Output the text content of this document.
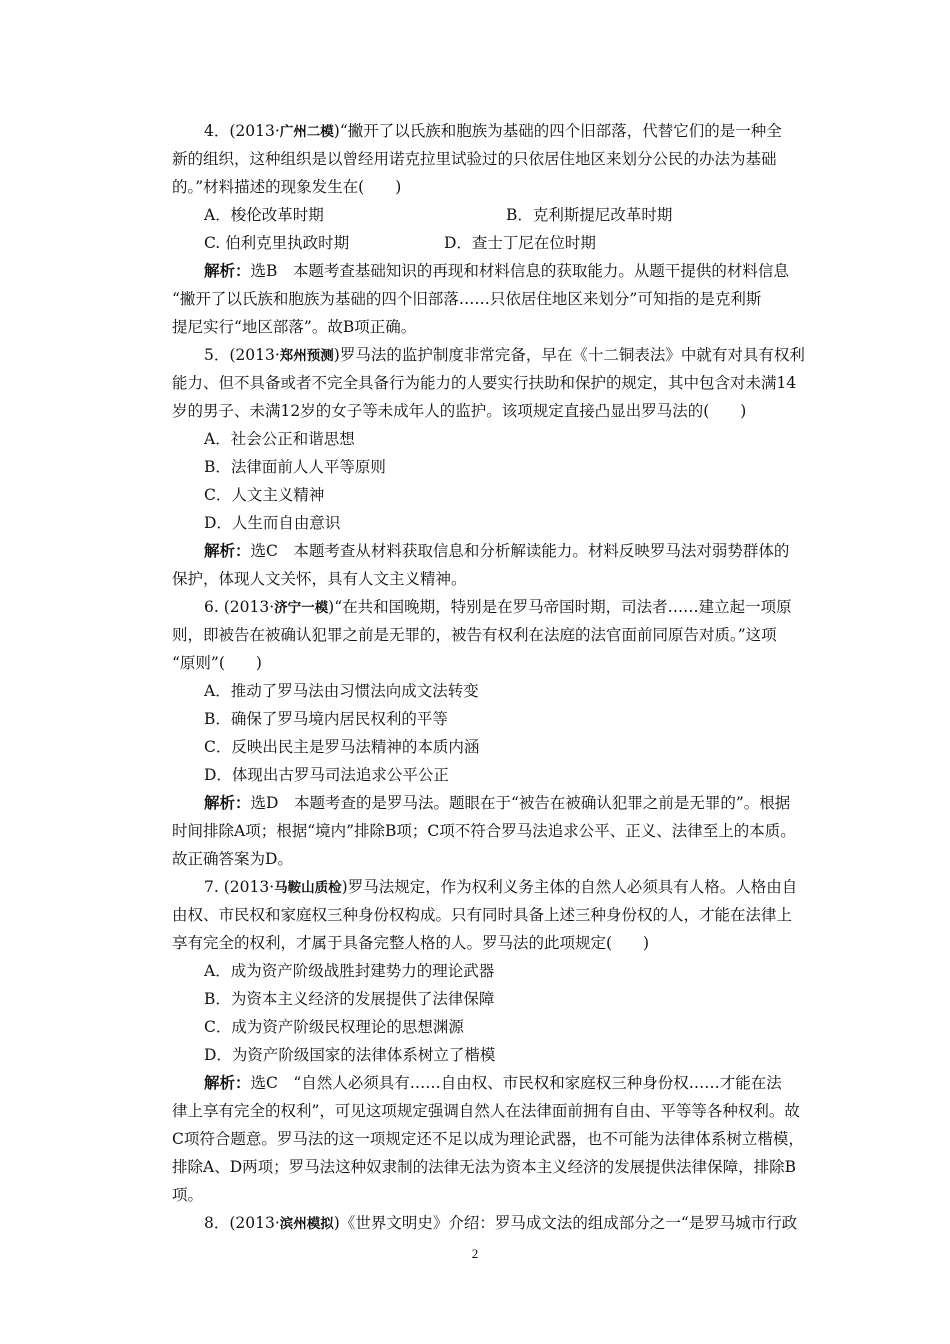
4．(2013·广州二模)“撇开了以氏族和胞族为基础的四个旧部落，代替它们的是一种全
新的组织，这种组织是以曾经用诺克拉里试验过的只依居住地区来划分公民的办法为基础
的。”材料描述的现象发生在(　　)
A．梭伦改革时期	B．克利斯提尼改革时期
C. 伯利克里执政时期	D．查士丁尼在位时期
解析：选B　本题考查基础知识的再现和材料信息的获取能力。从题干提供的材料信息
“撇开了以氏族和胞族为基础的四个旧部落……只依居住地区来划分”可知指的是克利斯
提尼实行“地区部落”。故B项正确。
5．(2013·郑州预测)罗马法的监护制度非常完备，早在《十二铜表法》中就有对具有权利
能力、但不具备或者不完全具备行为能力的人要实行扶助和保护的规定，其中包含对未满14
岁的男子、未满12岁的女子等未成年人的监护。该项规定直接凸显出罗马法的(　　)
A．社会公正和谐思想
B．法律面前人人平等原则
C．人文主义精神
D．人生而自由意识
解析：选C　本题考查从材料获取信息和分析解读能力。材料反映罗马法对弱势群体的
保护，体现人文关怀，具有人文主义精神。
6. (2013·济宁一模)“在共和国晚期，特别是在罗马帝国时期，司法者……建立起一项原
则，即被告在被确认犯罪之前是无罪的，被告有权利在法庭的法官面前同原告对质。”这项
“原则”(　　)
A．推动了罗马法由习惯法向成文法转变
B．确保了罗马境内居民权利的平等
C．反映出民主是罗马法精神的本质内涵
D．体现出古罗马司法追求公平公正
解析：选D　本题考查的是罗马法。题眼在于“被告在被确认犯罪之前是无罪的”。根据
时间排除A项；根据“境内”排除B项；C项不符合罗马法追求公平、正义、法律至上的本质。
故正确答案为D。
7. (2013·马鞍山质检)罗马法规定，作为权利义务主体的自然人必须具有人格。人格由自
由权、市民权和家庭权三种身份权构成。只有同时具备上述三种身份权的人，才能在法律上
享有完全的权利，才属于具备完整人格的人。罗马法的此项规定(　　)
A．成为资产阶级战胜封建势力的理论武器
B．为资本主义经济的发展提供了法律保障
C．成为资产阶级民权理论的思想渊源
D．为资产阶级国家的法律体系树立了楷模
解析：选C　“自然人必须具有……自由权、市民权和家庭权三种身份权……才能在法
律上享有完全的权利”，可见这项规定强调自然人在法律面前拥有自由、平等等各种权利。故
C项符合题意。罗马法的这一项规定还不足以成为理论武器，也不可能为法律体系树立楷模，
排除A、D两项；罗马法这种奴隶制的法律无法为资本主义经济的发展提供法律保障，排除B
项。
8．(2013·滨州模拟)《世界文明史》介绍：罗马成文法的组成部分之一“是罗马城市行政
2
